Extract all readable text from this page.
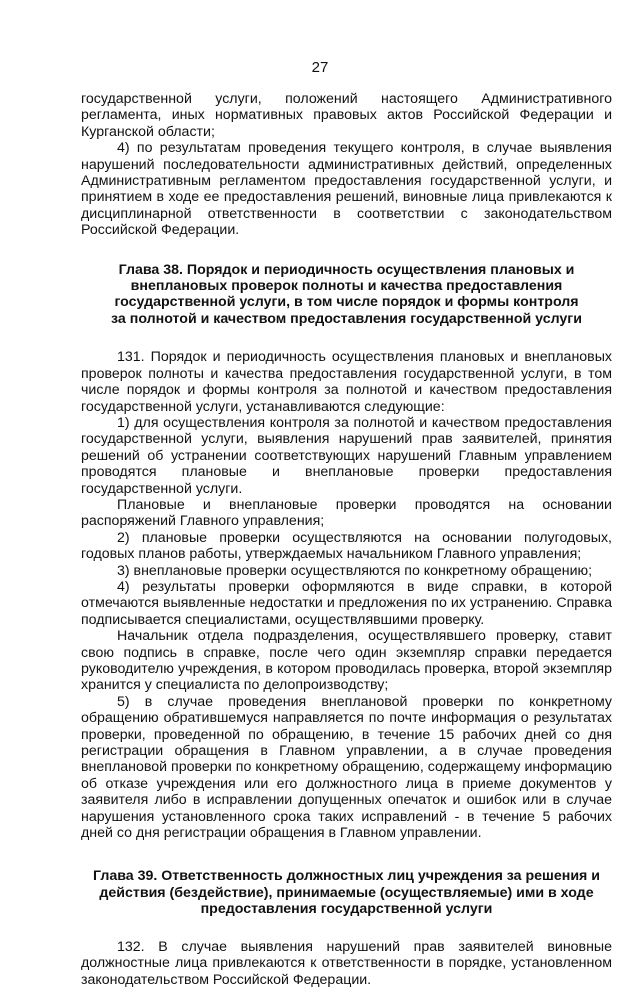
27

государственной услуги, положений настоящего Административного регламента, иных нормативных правовых актов Российской Федерации и Курганской области;

4) по результатам проведения текущего контроля, в случае выявления нарушений последовательности административных действий, определенных Административным регламентом предоставления государственной услуги, и принятием в ходе ее предоставления решений, виновные лица привлекаются к дисциплинарной ответственности в соответствии с законодательством Российской Федерации.

Глава 38. Порядок и периодичность осуществления плановых и внеплановых проверок полноты и качества предоставления государственной услуги, в том числе порядок и формы контроля за полнотой и качеством предоставления государственной услуги

131. Порядок и периодичность осуществления плановых и внеплановых проверок полноты и качества предоставления государственной услуги, в том числе порядок и формы контроля за полнотой и качеством предоставления государственной услуги, устанавливаются следующие:

1) для осуществления контроля за полнотой и качеством предоставления государственной услуги, выявления нарушений прав заявителей, принятия решений об устранении соответствующих нарушений Главным управлением проводятся плановые и внеплановые проверки предоставления государственной услуги.

Плановые и внеплановые проверки проводятся на основании распоряжений Главного управления;

2) плановые проверки осуществляются на основании полугодовых, годовых планов работы, утверждаемых начальником Главного управления;

3) внеплановые проверки осуществляются по конкретному обращению;

4) результаты проверки оформляются в виде справки, в которой отмечаются выявленные недостатки и предложения по их устранению. Справка подписывается специалистами, осуществлявшими проверку.

Начальник отдела подразделения, осуществлявшего проверку, ставит свою подпись в справке, после чего один экземпляр справки передается руководителю учреждения, в котором проводилась проверка, второй экземпляр хранится у специалиста по делопроизводству;

5) в случае проведения внеплановой проверки по конкретному обращению обратившемуся направляется по почте информация о результатах проверки, проведенной по обращению, в течение 15 рабочих дней со дня регистрации обращения в Главном управлении, а в случае проведения внеплановой проверки по конкретному обращению, содержащему информацию об отказе учреждения или его должностного лица в приеме документов у заявителя либо в исправлении допущенных опечаток и ошибок или в случае нарушения установленного срока таких исправлений - в течение 5 рабочих дней со дня регистрации обращения в Главном управлении.

Глава 39. Ответственность должностных лиц учреждения за решения и действия (бездействие), принимаемые (осуществляемые) ими в ходе предоставления государственной услуги

132. В случае выявления нарушений прав заявителей виновные должностные лица привлекаются к ответственности в порядке, установленном законодательством Российской Федерации.
